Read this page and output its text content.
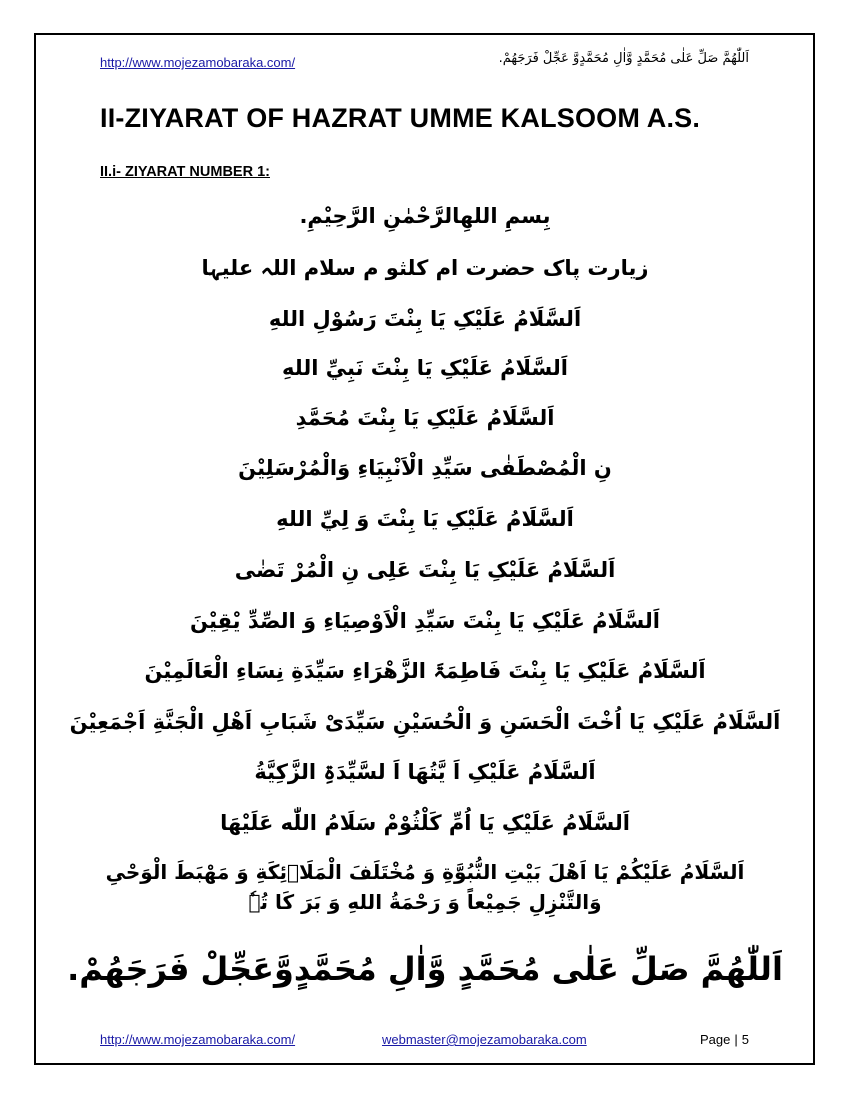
http://www.mojezamobaraka.com/	اَللّٰهُمَّ صَلِّ عَلٰی مُحَمَّدٍ وَّاٰلِ مُحَمَّدٍوَّ عَجِّلْ فَرَجَهُمْ.
II-ZIYARAT OF HAZRAT UMME KALSOOM A.S.
II.i- ZIYARAT NUMBER 1:
بِسمِ اللهِالرَّحْمٰنِ الرَّحِيْمِ.
زیارت پاک حضرت ام کلثو م سلام اللہ علیہا
اَلسَّلَامُ عَلَيْکِ يَا بِنْتَ رَسُوْلِ اللهِ
اَلسَّلَامُ عَلَيْکِ يَا بِنْتَ نَبِيِّ اللهِ
اَلسَّلَامُ عَلَيْکِ يَا بِنْتَ مُحَمَّدِ
نِ الْمُصْطَفٰی سَيِّدِ الْاَنْبِيَاءِ وَالْمُرْسَلِيْنَ
اَلسَّلَامُ عَلَيْکِ يَا بِنْتَ وَ لِيِّ اللهِ
اَلسَّلَامُ عَلَيْکِ يَا بِنْتَ عَلِی نِ الْمُرْ تَضٰی
اَلسَّلَامُ عَلَيْکِ يَا بِنْتَ سَيِّدِ الْاَوْصِيَاءِ وَ الصِّدِّ يْقِيْنَ
اَلسَّلَامُ عَلَيْکِ يَا بِنْتَ فَاطِمَۃَ الزَّهْرَاءِ سَيِّدَةِ نِسَاءِ الْعَالَمِيْنَ
اَلسَّلَامُ عَلَيْکِ يَا اُخْتَ الْحَسَنِ وَ الْحُسَيْنِ سَيِّدَیْ شَبَابِ اَهْلِ الْجَنَّةِ اَجْمَعِيْنَ
اَلسَّلَامُ عَلَيْکِ اَ يَّتُهَا اَ لسَّيِّدَۃِ الزَّکِيَّةُ
اَلسَّلَامُ عَلَيْکِ يَا اُمِّ کَلْثُوْمْ سَلَامُ اللّٰه عَلَيْهَا
اَلسَّلَامُ عَلَيْکُمْ يَا اَهْلَ بَيْتِ النُّبُوَّةِ وَ مُخْتَلَفَ الْمَلَاۤئِکَةِ وَ مَهْبَطَ الْوَحْیِ
وَالتَّنْزِلِ جَمِيْعاً وَ رَحْمَةُ اللهِ وَ بَرَ کَا تُہٗ
اَللّٰهُمَّ صَلِّ عَلٰی مُحَمَّدٍ وَّاٰلِ مُحَمَّدٍوَّعَجِّلْ فَرَجَهُمْ.
http://www.mojezamobaraka.com/	webmaster@mojezamobaraka.com	Page | 5
